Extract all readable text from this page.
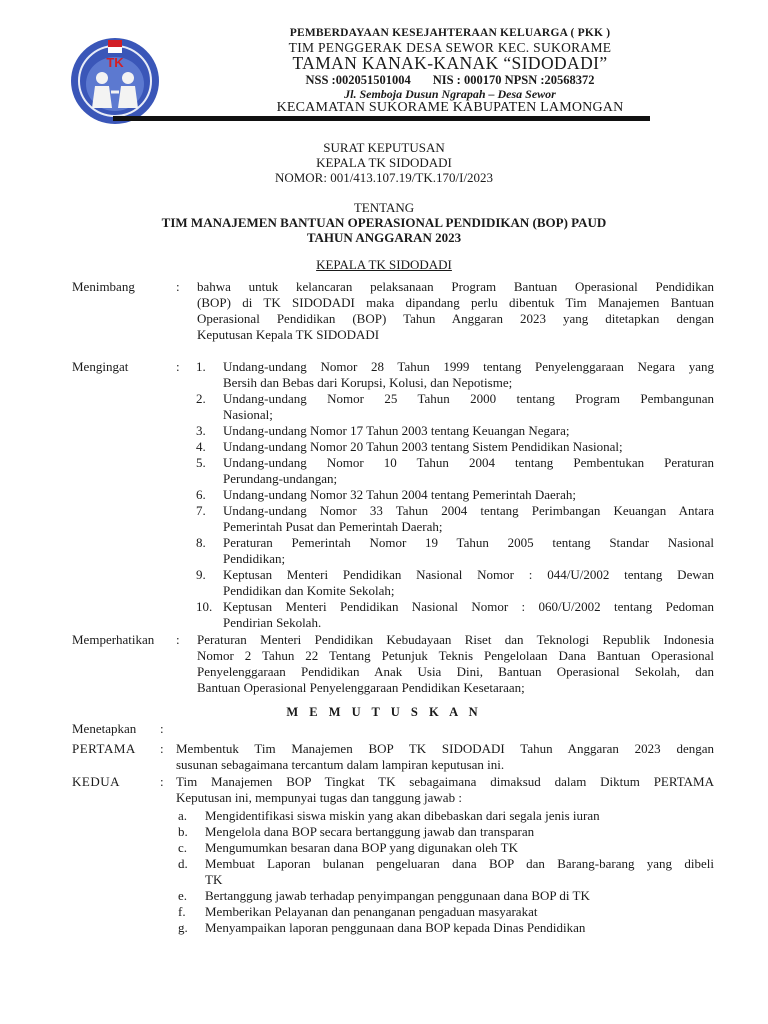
TK
PEMBERDAYAAN KESEJAHTERAAN KELUARGA ( PKK )
TIM PENGGERAK DESA SEWOR KEC. SUKORAME
TAMAN KANAK-KANAK “SIDODADI”
NSS :002051501004 NIS : 000170 NPSN :20568372
Jl. Semboja Dusun Ngrapah – Desa Sewor
KECAMATAN SUKORAME KABUPATEN LAMONGAN
SURAT KEPUTUSAN
KEPALA TK SIDODADI
NOMOR: 001/413.107.19/TK.170/I/2023
TENTANG
TIM MANAJEMEN BANTUAN OPERASIONAL PENDIDIKAN (BOP) PAUD
TAHUN ANGGARAN 2023
KEPALA TK SIDODADI
Menimbang	: bahwa untuk kelancaran pelaksanaan Program Bantuan Operasional Pendidikan
(BOP) di TK SIDODADI maka dipandang perlu dibentuk Tim Manajemen Bantuan
Operasional Pendidikan (BOP) Tahun Anggaran 2023 yang ditetapkan dengan
Keputusan Kepala TK SIDODADI
Mengingat	: 1.	Undang-undang Nomor 28 Tahun 1999 tentang Penyelenggaraan Negara yang
Bersih dan Bebas dari Korupsi, Kolusi, dan Nepotisme;
2.	Undang-undang Nomor 25 Tahun 2000 tentang Program Pembangunan
Nasional;
3.	Undang-undang Nomor 17 Tahun 2003 tentang Keuangan Negara;
4.	Undang-undang Nomor 20 Tahun 2003 tentang Sistem Pendidikan Nasional;
5.	Undang-undang Nomor 10 Tahun 2004 tentang Pembentukan Peraturan
Perundang-undangan;
6.	Undang-undang Nomor 32 Tahun 2004 tentang Pemerintah Daerah;
7.	Undang-undang Nomor 33 Tahun 2004 tentang Perimbangan Keuangan Antara
Pemerintah Pusat dan Pemerintah Daerah;
8.	Peraturan Pemerintah Nomor 19 Tahun 2005 tentang Standar Nasional
Pendidikan;
9.	Keptusan Menteri Pendidikan Nasional Nomor : 044/U/2002 tentang Dewan
Pendidikan dan Komite Sekolah;
10. Keptusan Menteri Pendidikan Nasional Nomor : 060/U/2002 tentang Pedoman
Pendirian Sekolah.
Memperhatikan : Peraturan Menteri Pendidikan Kebudayaan Riset dan Teknologi Republik Indonesia
Nomor 2 Tahun 22 Tentang Petunjuk Teknis Pengelolaan Dana Bantuan Operasional
Penyelenggaraan Pendidikan Anak Usia Dini, Bantuan Operasional Sekolah, dan
Bantuan Operasional Penyelenggaraan Pendidikan Kesetaraan;
M E M U T U S K A N
Menetapkan :
PERTAMA : Membentuk Tim Manajemen BOP TK SIDODADI Tahun Anggaran 2023 dengan
susunan sebagaimana tercantum dalam lampiran keputusan ini.
KEDUA	: Tim Manajemen BOP Tingkat TK sebagaimana dimaksud dalam Diktum PERTAMA
Keputusan ini, mempunyai tugas dan tanggung jawab :
a.	Mengidentifikasi siswa miskin yang akan dibebaskan dari segala jenis iuran
b.	Mengelola dana BOP secara bertanggung jawab dan transparan
c.	Mengumumkan besaran dana BOP yang digunakan oleh TK
d.	Membuat Laporan bulanan pengeluaran dana BOP dan Barang-barang yang dibeli
TK
e.	Bertanggung jawab terhadap penyimpangan penggunaan dana BOP di TK
f.	Memberikan Pelayanan dan penanganan pengaduan masyarakat
g.	Menyampaikan laporan penggunaan dana BOP kepada Dinas Pendidikan
